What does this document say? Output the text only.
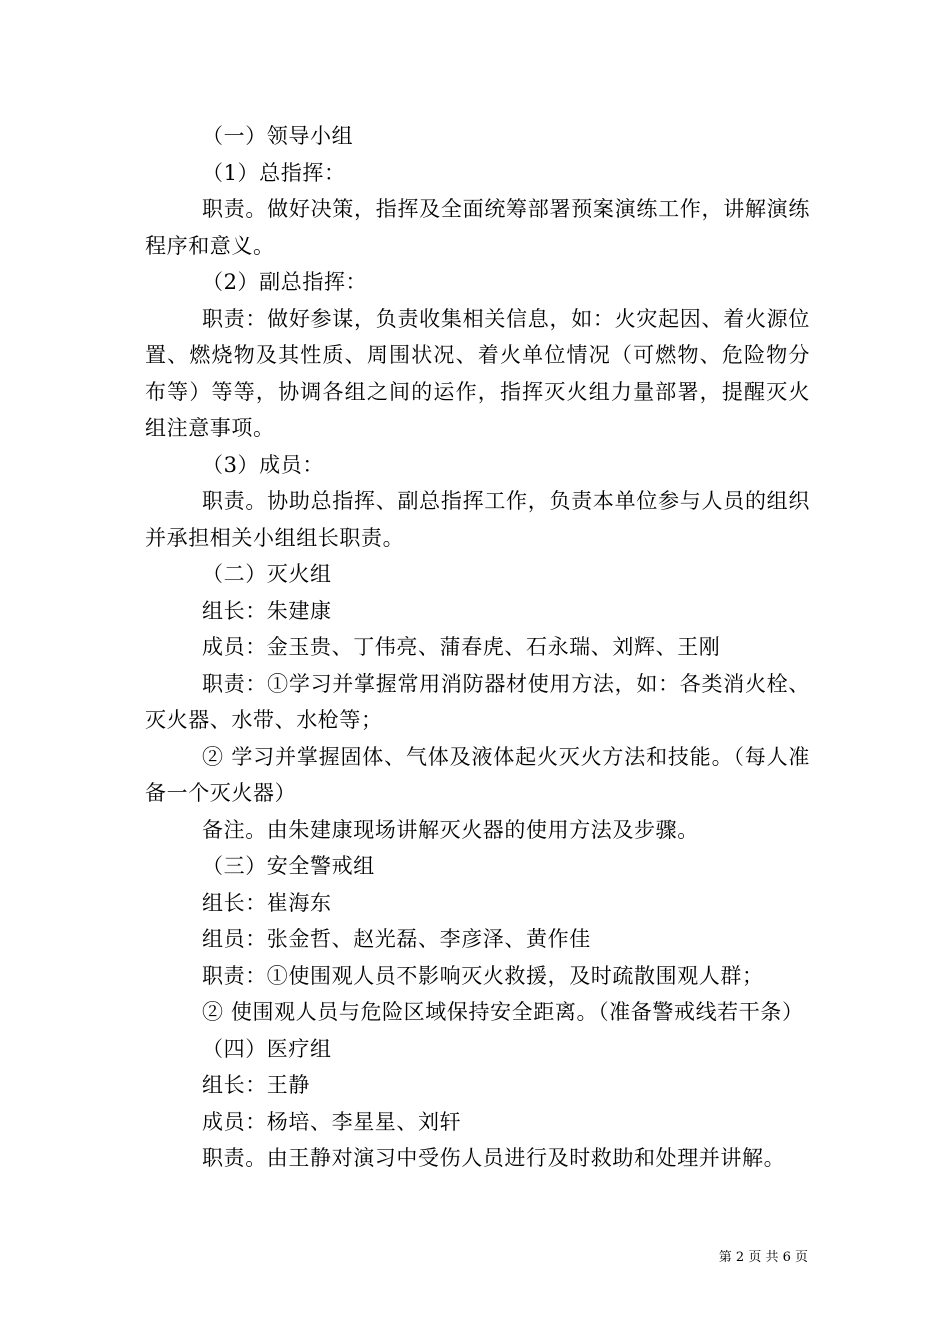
（一）领导小组

（1）总指挥：

职责。做好决策，指挥及全面统筹部署预案演练工作，讲解演练程序和意义。

（2）副总指挥：

职责：做好参谋，负责收集相关信息，如：火灾起因、着火源位置、燃烧物及其性质、周围状况、着火单位情况（可燃物、危险物分布等）等等，协调各组之间的运作，指挥灭火组力量部署，提醒灭火组注意事项。

（3）成员：

职责。协助总指挥、副总指挥工作，负责本单位参与人员的组织并承担相关小组组长职责。

（二）灭火组

组长：朱建康

成员：金玉贵、丁伟亮、蒲春虎、石永瑞、刘辉、王刚

职责：①学习并掌握常用消防器材使用方法，如：各类消火栓、灭火器、水带、水枪等；

② 学习并掌握固体、气体及液体起火灭火方法和技能。（每人准备一个灭火器）

备注。由朱建康现场讲解灭火器的使用方法及步骤。

（三）安全警戒组

组长：崔海东

组员：张金哲、赵光磊、李彦泽、黄作佳

职责：①使围观人员不影响灭火救援，及时疏散围观人群；

② 使围观人员与危险区域保持安全距离。（准备警戒线若干条）

（四）医疗组

组长：王静

成员：杨培、李星星、刘轩

职责。由王静对演习中受伤人员进行及时救助和处理并讲解。

第 2 页 共 6 页
